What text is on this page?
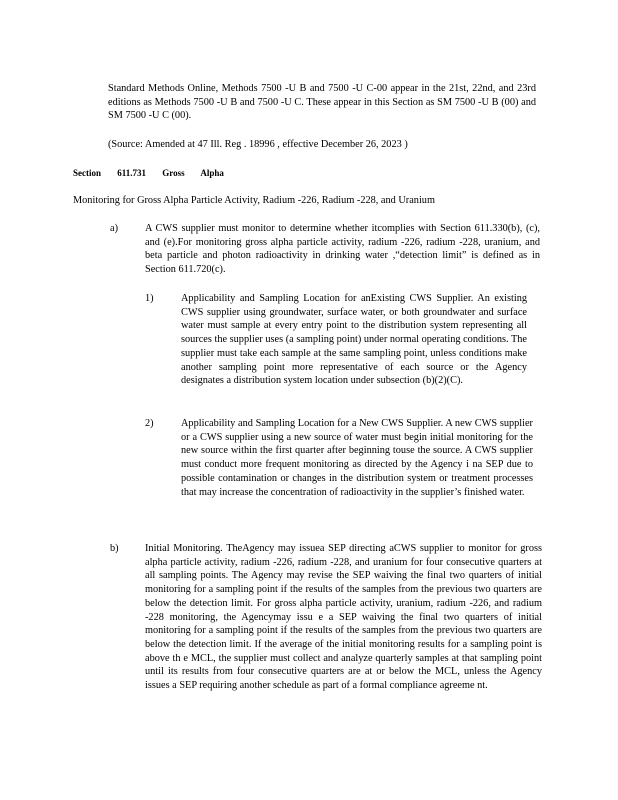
Standard Methods Online, Methods 7500 -U B and 7500 -U C-00 appear in the 21st, 22nd, and 23rd editions as Methods 7500 -U B and 7500 -U C. These appear in this Section as SM 7500 -U B (00) and SM 7500 -U C (00).

(Source: Amended at 47 Ill. Reg . 18996 , effective December 26, 2023 )

Section 611.731 Gross Alpha
Monitoring for Gross Alpha Particle Activity, Radium -226, Radium -228, and Uranium
a)	A CWS supplier must monitor to determine whether itcomplies with Section 611.330(b), (c), and (e).For monitoring gross alpha particle activity, radium -226, radium -228, uranium, and beta particle and photon radioactivity in drinking water ,“detection limit” is defined as in Section 611.720(c).

1)	Applicability and Sampling Location for anExisting CWS Supplier. An existing CWS supplier using groundwater, surface water, or both groundwater and surface water must sample at every entry point to the distribution system representing all sources the supplier uses (a sampling point) under normal operating conditions. The supplier must take each sample at the same sampling point, unless conditions make another sampling point more representative of each source or the Agency designates a distribution system location under subsection (b)(2)(C).

2)	Applicability and Sampling Location for a New CWS Supplier. A new CWS supplier or a CWS supplier using a new source of water must begin initial monitoring for the new source within the first quarter after beginning touse the source. A CWS supplier must conduct more frequent monitoring as directed by the Agency i na SEP due to possible contamination or changes in the distribution system or treatment processes that may increase the concentration of radioactivity in the supplier’s finished water.

b)	Initial Monitoring. TheAgency may issuea SEP directing aCWS supplier to monitor for gross alpha particle activity, radium -226, radium -228, and uranium for four consecutive quarters at all sampling points. The Agency may revise the SEP waiving the final two quarters of initial monitoring for a sampling point if the results of the samples from the previous two quarters are below the detection limit. For gross alpha particle activity, uranium, radium -226, and radium -228 monitoring, the Agencymay issu e a SEP waiving the final two quarters of initial monitoring for a sampling point if the results of the samples from the previous two quarters are below the detection limit. If the average of the initial monitoring results for a sampling point is above th e MCL, the supplier must collect and analyze quarterly samples at that sampling point until its results from four consecutive quarters are at or below the MCL, unless the Agency issues a SEP requiring another schedule as part of a formal compliance agreeme nt.
